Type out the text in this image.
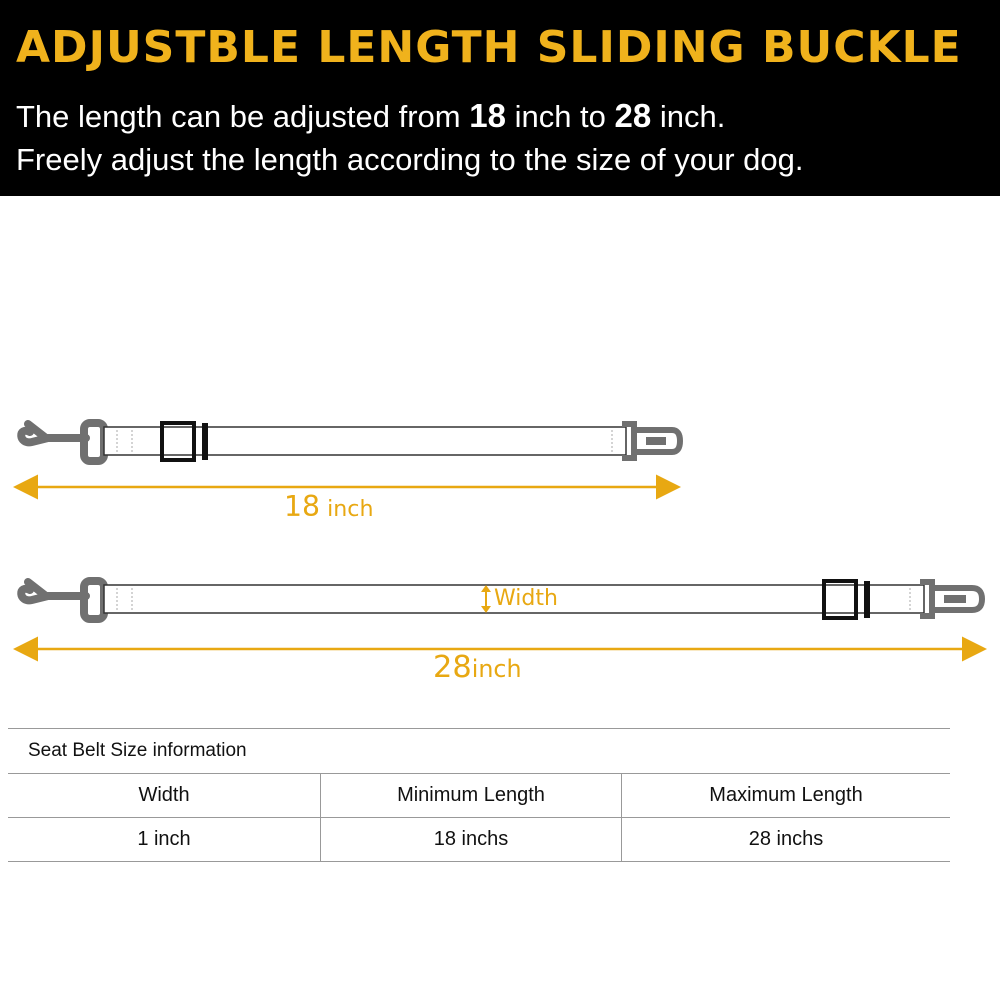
ADJUSTBLE LENGTH SLIDING BUCKLE
The length can be adjusted from 18 inch to 28 inch.
Freely adjust the length according to the size of your dog.
18 inch
Width
28inch
Seat Belt Size information		
Width	Minimum Length	Maximum Length
1 inch	18 inchs	28 inchs
